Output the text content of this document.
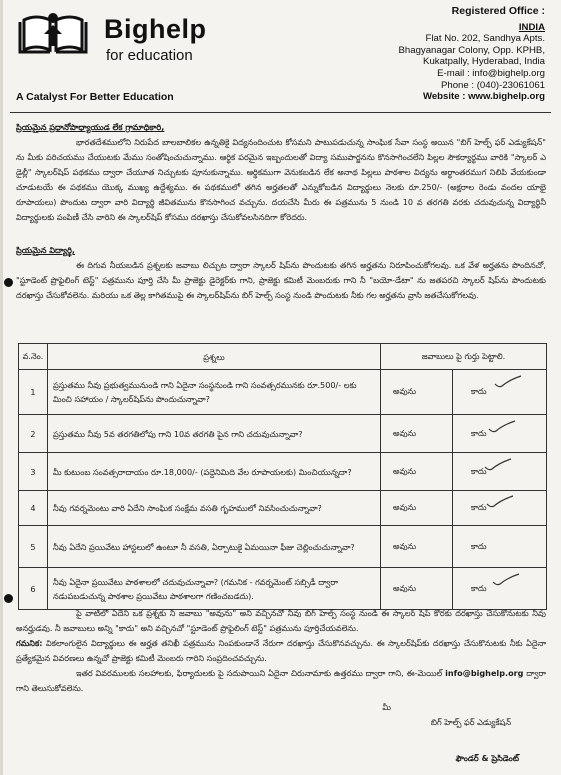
Bighelp
for education
A Catalyst For Better Education
Registered Office :
INDIA
Flat No. 202, Sandhya Apts.
Bhagyanagar Colony, Opp. KPHB,
Kukatpally, Hyderabad, India
E-mail : info@bighelp.org
Phone : (040)-23061061
Website : www.bighelp.org
ప్రియమైన ప్రధానోపాధ్యాయుడ లేక గ్రామాధికారి,
భారతదేశములోని నిరుపేద బాలబాలికల ఉన్నతికై విద్యనందించుట కోసమని పాటుపడుచున్న సాంఘిక సేవా సంస్థ అయిన "బిగ్ హెల్ప్ ఫర్ ఎడ్యుకేషన్" ను మీకు పరిచయము చేయుటకు మేము సంతోషించుచున్నాము. ఆర్థిక పరమైన ఇబ్బందులతో విద్యా సముపార్జనను కొనసాగించలేని పిల్లల సౌకర్యార్థము వారికి "స్కాలర్ ఎ డైల్లీ" స్కాలర్‌షిప్ పథకము ద్వారా చేయూత నిచ్చుటకు పూనుకున్నాము. ఆర్థికముగా వెనుకబడిన లేక అనాథ పిల్లలు పాఠశాల విద్యను అర్థాంతరముగ నిలిపి వేయకుండా చూడుటయే ఈ పథకము యొక్క ముఖ్య ఉద్దేశ్యము. ఈ పథకములో తగిన అర్హతలతో ఎన్నుకోబడిన విద్యార్థులు నెలకు రూ.250/- (అక్షరాల రెండు వందల యాభై రూపాయలు) పొందుట ద్వారా వారి విద్యార్థి జీవితమును కొనసాగించ వచ్చును. దయచేసి మీరు ఈ పత్రమును 5 నుండి 10 వ తరగతి వరకు చదువుచున్న విద్యార్థినీ విద్యార్థులకు పంపిణీ చేసి వారిని ఈ స్కాలర్‌షిప్ కోసము దరఖాస్తు చేసుకోవలసినదిగా కోరెదరు.
ప్రియమైన విద్యార్థి,
ఈ దిగువ నీయబడిన ప్రశ్నలకు జవాబు లిచ్చుట ద్వారా స్కాలర్ షిప్‌ను పొందుటకు తగిన అర్హతను నిరూపించుకోగలవు. ఒక వేళ అర్హతను పొందినచో, "స్టూడెంట్ ప్రొఫైలింగ్ టెస్ట్" పత్రమును పూర్తి చేసి మీ ప్రాజెక్టు డైరెక్టర్‌కు గాని, ప్రాజెక్టు కమిటీ మెంబరుకు గాని నీ "బయో-డేటా" ను జతపరచి స్కాలర్ షిప్‌ను పొందుటకు దరఖాస్తు చేసుకోవలెను. మరియు ఒక తెల్ల కాగితముపై ఈ స్కాలర్‌షిప్‌ను బిగ్ హెల్ప్ సంస్థ నుండి పొందుటకు నీకు గల అర్హతను వ్రాసి జతచేసుకోగలవు.
వ.నెం.	ప్రశ్నలు	జవాబులు పై గుర్తు పెట్టాలి.	
1	ప్రస్తుతము నీవు ప్రభుత్వమునుండి గాని ఏదైనా సంస్థనుండి గాని సంవత్సరమునకు రూ.500/- లకు మించి సహాయం / స్కాలర్‌షిప్‌ను పొందుచున్నావా?	అవును	కాదు

2	ప్రస్తుతము నీవు 5వ తరగతిలోపు గాని 10వ తరగతి పైన గాని చదువుచున్నావా?	అవును	కాదు

3	మీ కుటుంబ సంవత్సరాదాయం రూ.18,000/- (పద్దెనిమిది వేల రూపాయలకు) మించియున్నదా?	అవును	కాదు

4	నీవు గవర్నమెంటు వారి ఏదేని సాంఘిక సంక్షేమ వసతి గృహములో నివసించుచున్నావా?	అవును	కాదు

5	నీవు ఏదేని ప్రయివేటు హాస్టలులో ఉంటూ నీ వసతి, ఏర్పాటుకై ఏమయినా ఫీజు చెల్లించుచున్నావా?	అవును	కాదు
6	నీవు ఏదైనా ప్రయివేటు పాఠశాలలో చదువుచున్నావా? (గమనిక - గవర్నమెంట్ సబ్సిడీ ద్వారా నడుపబడుచున్న పాఠశాల ప్రయివేటు పాఠశాలగా గణించబడదు).	అవును	కాదు
పై వాటిలో ఏదేని ఒక ప్రశ్నకు నీ జవాబు "అవును" అని వచ్చినచో నీవు బిగ్ హెల్ప్ సంస్థ నుండి ఈ స్కాలర్ షిప్ కొరకు దరఖాస్తు చేసుకొనుటకు నీవు అనర్హుడవు. నీ జవాబులు అన్ని "కాదు" అని వచ్చినచో "స్టూడెంట్ ప్రొఫైలింగ్ టెస్ట్" పత్రమును పూర్తిచేయవలెను.
గమనిక: వికలాంగులైన విద్యార్థులు ఈ అర్హత తనిఖీ పత్రమును నింపకుండానే నేరుగా దరఖాస్తు చేసుకొనవచ్చును. ఈ స్కాలర్‌షిప్‌కు దరఖాస్తు చేసుకొనుటకు నీకు ఏదైనా ప్రత్యేకమైన వివరణలు ఉన్నచో ప్రాజెక్టు కమిటీ మెంబరు గారిని సంప్రదించవచ్చును.
ఇతర వివరములకు సలహాలకు, ఫిర్యాదులకు పై సదుపాయిని ఏదైనా చిరునామాకు ఉత్తరము ద్వారా గాని, ఈ-మెయిల్ info@bighelp.org ద్వారా గాని తెలుసుకోవలెను.
మీ
బిగ్ హెల్ప్ ఫర్ ఎడ్యుకేషన్
ఫౌండర్ & ప్రెసిడెంట్
